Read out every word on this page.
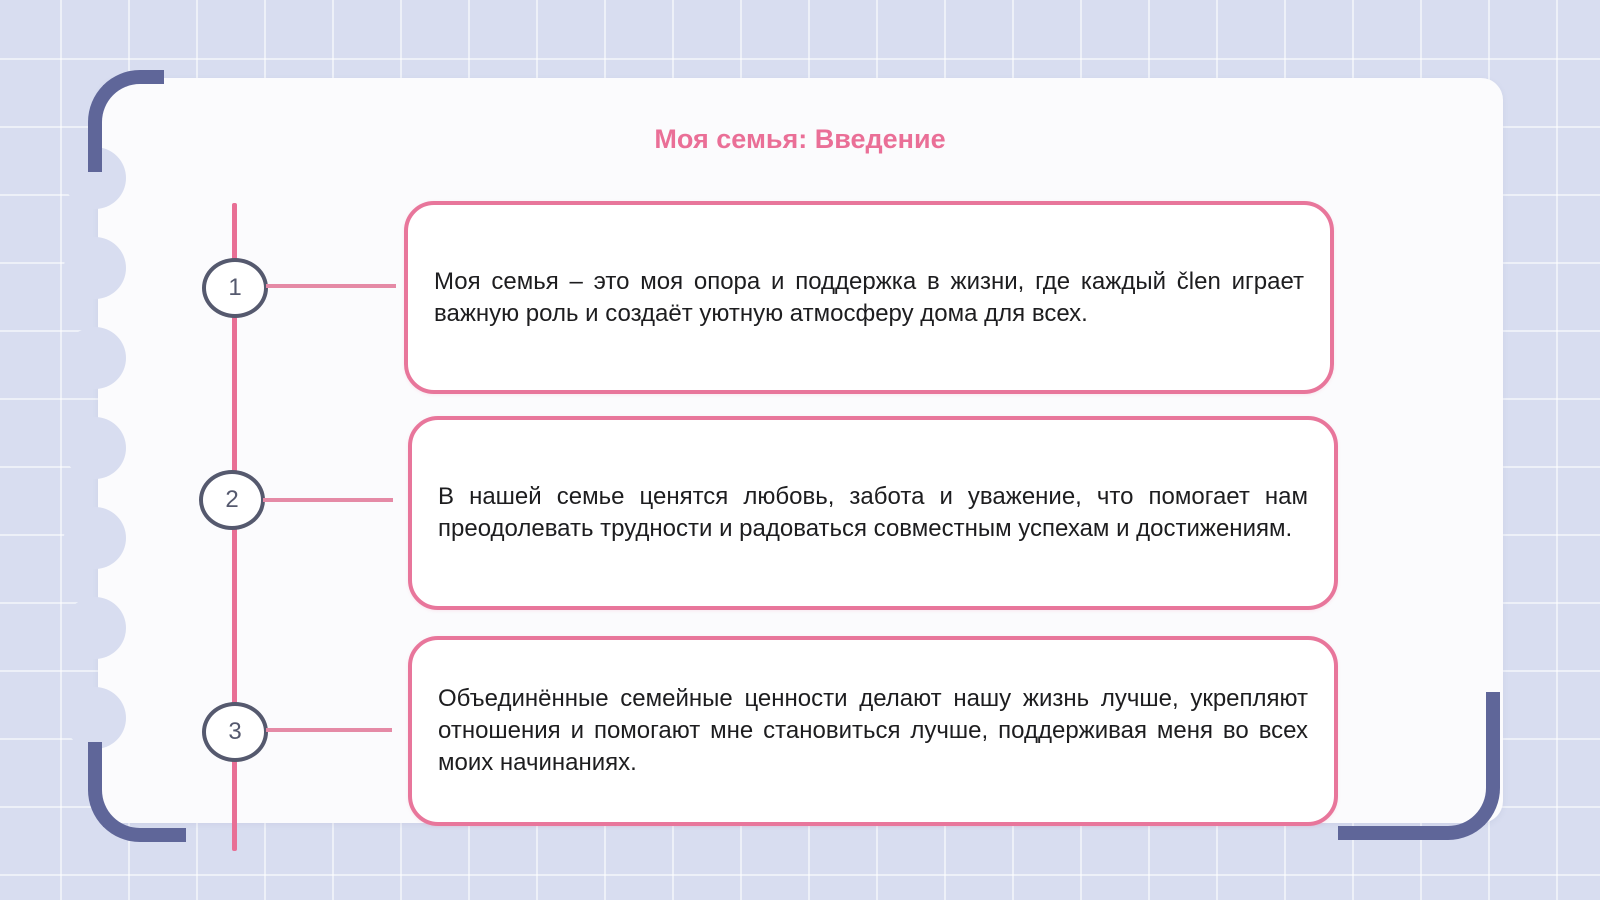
Моя семья: Введение
1	Моя семья – это моя опора и поддержка в жизни, где каждый člen играет важную роль и создаёт уютную атмосферу дома для всех.
2	В нашей семье ценятся любовь, забота и уважение, что помогает нам преодолевать трудности и радоваться совместным успехам и достижениям.
3
Объединённые семейные ценности делают нашу жизнь лучше, укрепляют отношения и помогают мне становиться лучше, поддерживая меня во всех моих начинаниях.
